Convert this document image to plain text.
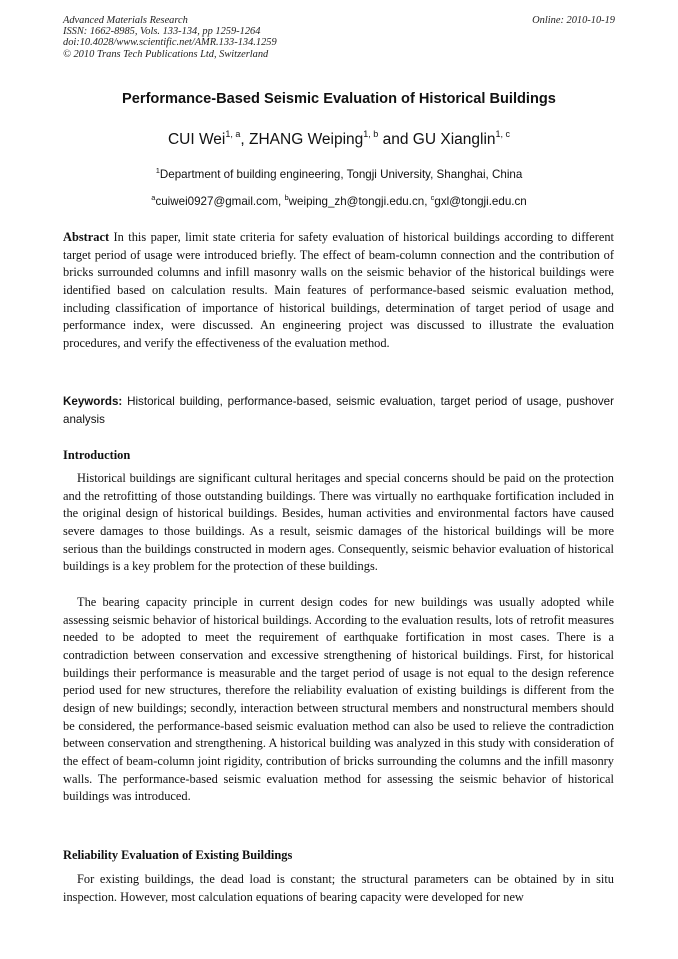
Advanced Materials Research
ISSN: 1662-8985, Vols. 133-134, pp 1259-1264
doi:10.4028/www.scientific.net/AMR.133-134.1259
© 2010 Trans Tech Publications Ltd, Switzerland
Online: 2010-10-19
Performance-Based Seismic Evaluation of Historical Buildings
CUI Wei$^{1, a}$, ZHANG Weiping$^{1, b}$ and GU Xianglin$^{1, c}$
$^1$Department of building engineering, Tongji University, Shanghai, China
$^a$cuiwei0927@gmail.com, $^b$weiping_zh@tongji.edu.cn, $^c$gxl@tongji.edu.cn
Abstract In this paper, limit state criteria for safety evaluation of historical buildings according to different target period of usage were introduced briefly. The effect of beam-column connection and the contribution of bricks surrounded columns and infill masonry walls on the seismic behavior of the historical buildings were identified based on calculation results. Main features of performance-based seismic evaluation method, including classification of importance of historical buildings, determination of target period of usage and performance index, were discussed. An engineering project was discussed to illustrate the evaluation procedures, and verify the effectiveness of the evaluation method.
Keywords: Historical building, performance-based, seismic evaluation, target period of usage, pushover analysis
Introduction
Historical buildings are significant cultural heritages and special concerns should be paid on the protection and the retrofitting of those outstanding buildings. There was virtually no earthquake fortification included in the original design of historical buildings. Besides, human activities and environmental factors have caused severe damages to those buildings. As a result, seismic damages of the historical buildings will be more serious than the buildings constructed in modern ages. Consequently, seismic behavior evaluation of historical buildings is a key problem for the protection of these buildings.
The bearing capacity principle in current design codes for new buildings was usually adopted while assessing seismic behavior of historical buildings. According to the evaluation results, lots of retrofit measures needed to be adopted to meet the requirement of earthquake fortification in most cases. There is a contradiction between conservation and excessive strengthening of historical buildings. First, for historical buildings their performance is measurable and the target period of usage is not equal to the design reference period used for new structures, therefore the reliability evaluation of existing buildings is different from the design of new buildings; secondly, interaction between structural members and nonstructural members should be considered, the performance-based seismic evaluation method can also be used to relieve the contradiction between conservation and strengthening. A historical building was analyzed in this study with consideration of the effect of beam-column joint rigidity, contribution of bricks surrounding the columns and the infill masonry walls. The performance-based seismic evaluation method for assessing the seismic behavior of historical buildings was introduced.
Reliability Evaluation of Existing Buildings
For existing buildings, the dead load is constant; the structural parameters can be obtained by in situ inspection. However, most calculation equations of bearing capacity were developed for new
